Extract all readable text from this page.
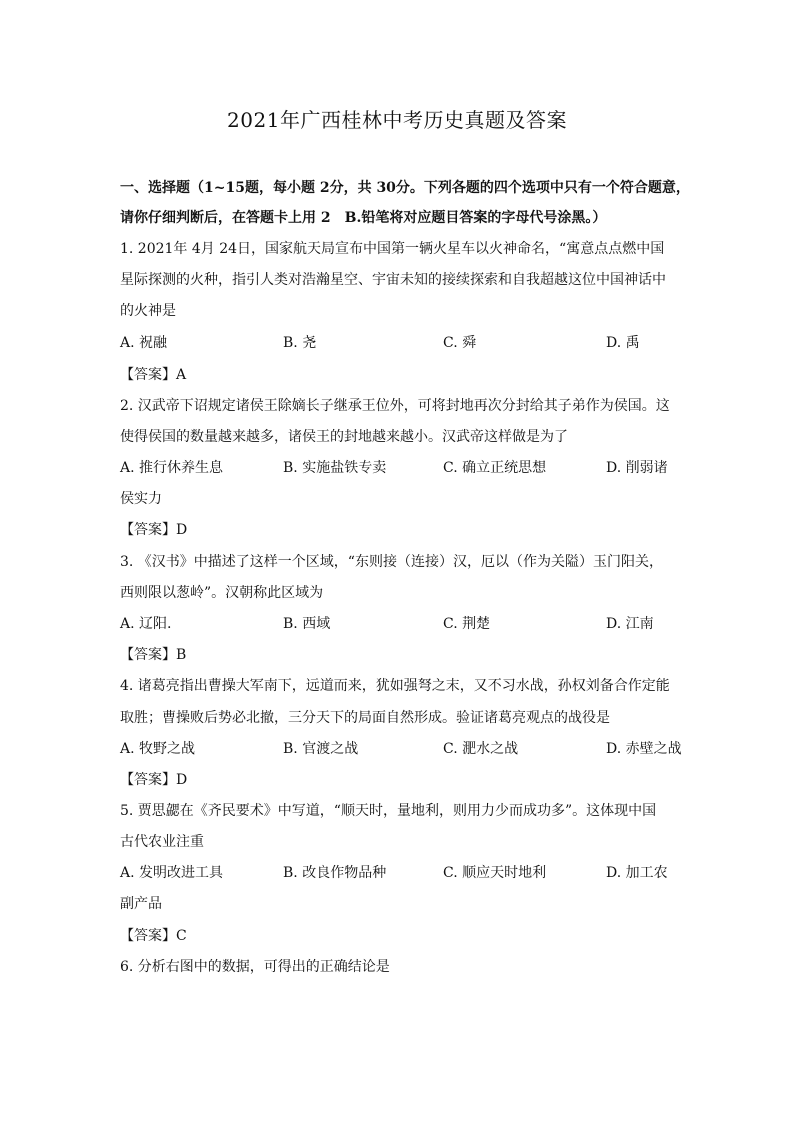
2021年广西桂林中考历史真题及答案
一、选择题（1~15题，每小题 2分，共 30分。下列各题的四个选项中只有一个符合题意，
请你仔细判断后，在答题卡上用 2　B.铅笔将对应题目答案的字母代号涂黑。）
1. 2021年 4月 24日，国家航天局宣布中国第一辆火星车以火神命名，“寓意点点燃中国
星际探测的火种，指引人类对浩瀚星空、宇宙未知的接续探索和自我超越这位中国神话中
的火神是
A. 祝融	B. 尧	C. 舜	D. 禹
【答案】A
2. 汉武帝下诏规定诸侯王除嫡长子继承王位外，可将封地再次分封给其子弟作为侯国。这
使得侯国的数量越来越多，诸侯王的封地越来越小。汉武帝这样做是为了
A. 推行休养生息	B. 实施盐铁专卖	C. 确立正统思想	D. 削弱诸
侯实力
【答案】D
3. 《汉书》中描述了这样一个区域，“东则接（连接）汉，厄以（作为关隘）玉门阳关，
西则限以葱岭”。汉朝称此区域为
A. 辽阳.	B. 西域	C. 荆楚	D. 江南
【答案】B
4. 诸葛亮指出曹操大军南下，远道而来，犹如强弩之末，又不习水战，孙权刘备合作定能
取胜；曹操败后势必北撤，三分天下的局面自然形成。验证诸葛亮观点的战役是
A. 牧野之战	B. 官渡之战	C. 淝水之战	D. 赤壁之战
【答案】D
5. 贾思勰在《齐民要术》中写道，“顺天时，量地利，则用力少而成功多”。这体现中国
古代农业注重
A. 发明改进工具	B. 改良作物品种	C. 顺应天时地利	D. 加工农
副产品
【答案】C
6. 分析右图中的数据，可得出的正确结论是
